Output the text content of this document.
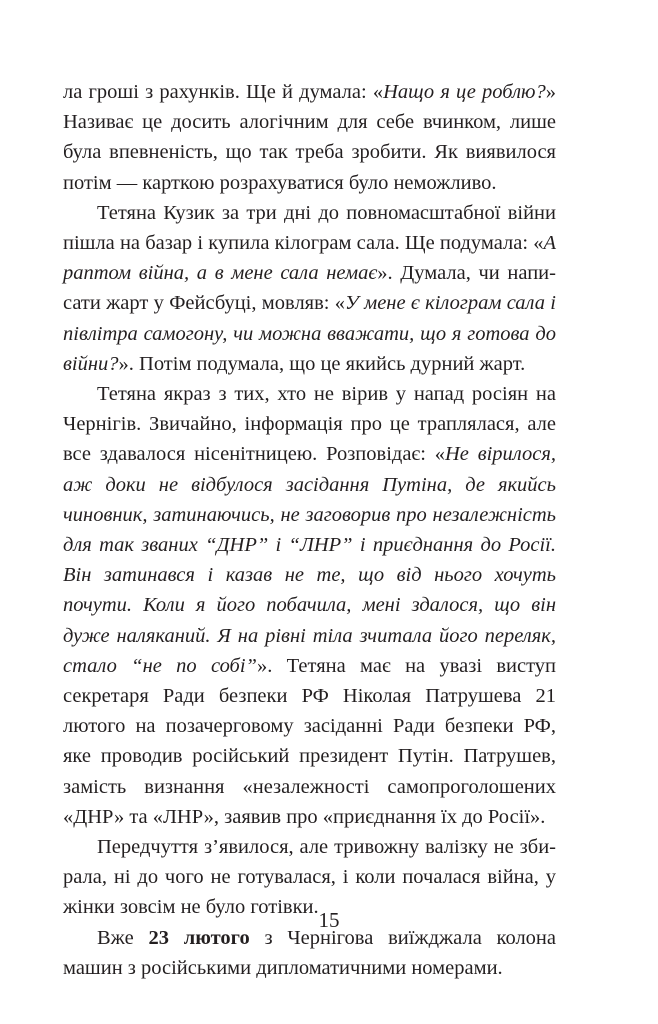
ла гроші з рахунків. Ще й думала: «Нащо я це роблю?» Називає це досить алогічним для себе вчинком, лише була впевненість, що так треба зробити. Як виявилося потім — карткою розрахуватися було неможливо.

Тетяна Кузик за три дні до повномасштабної війни пішла на базар і купила кілограм сала. Ще подумала: «А раптом війна, а в мене сала немає». Думала, чи написати жарт у Фейсбуці, мовляв: «У мене є кілограм сала і півлітра самогону, чи можна вважати, що я готова до війни?». Потім подумала, що це якийсь дурний жарт.

Тетяна якраз з тих, хто не вірив у напад росіян на Чернігів. Звичайно, інформація про це траплялася, але все здавалося нісенітницею. Розповідає: «Не вірилося, аж доки не відбулося засідання Путіна, де якийсь чиновник, затинаючись, не заговорив про незалежність для так званих “ДНР” і “ЛНР” і приєднання до Росії. Він затинався і казав не те, що від нього хочуть почути. Коли я його побачила, мені здалося, що він дуже наляканий. Я на рівні тіла зчитала його переляк, стало “не по собі”». Тетяна має на увазі виступ секретаря Ради безпеки РФ Ніколая Патрушева 21 лютого на позачерговому засіданні Ради безпеки РФ, яке проводив російський президент Путін. Патрушев, замість визнання «незалежності самопроголошених «ДНР» та «ЛНР», заявив про «приєднання їх до Росії».

Передчуття з’явилося, але тривожну валізку не збирала, ні до чого не готувалася, і коли почалася війна, у жінки зовсім не було готівки.

Вже 23 лютого з Чернігова виїжджала колона машин з російськими дипломатичними номерами.

15
